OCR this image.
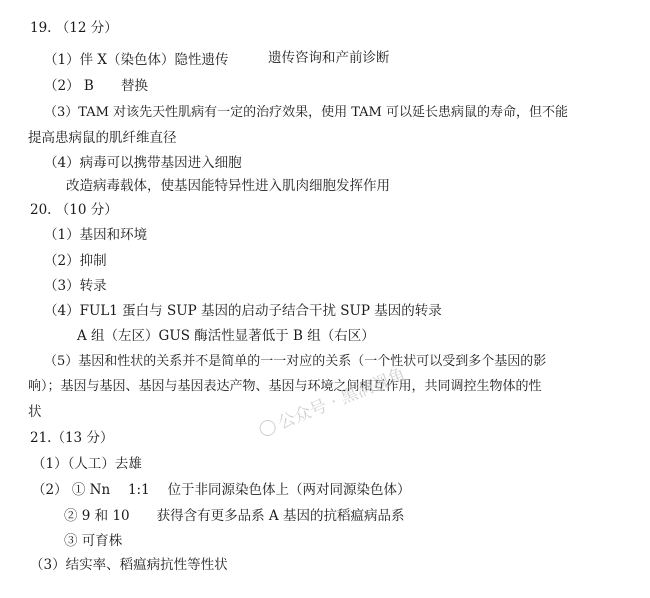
19. （12 分）
（1）伴 X（染色体）隐性遗传	遗传咨询和产前诊断
（2） B 替换
（3）TAM 对该先天性肌病有一定的治疗效果，使用 TAM 可以延长患病鼠的寿命，但不能
提高患病鼠的肌纤维直径
（4）病毒可以携带基因进入细胞
改造病毒载体，使基因能特异性进入肌肉细胞发挥作用
20. （10 分）
（1）基因和环境
（2）抑制
（3）转录
（4）FUL1 蛋白与 SUP 基因的启动子结合干扰 SUP 基因的转录
A 组（左区）GUS 酶活性显著低于 B 组（右区）
（5）基因和性状的关系并不是简单的一一对应的关系（一个性状可以受到多个基因的影
响）；基因与基因、基因与基因表达产物、基因与环境之间相互作用，共同调控生物体的性
状
21.（13 分）
（1）（人工）去雄
（2） ① Nn　 1:1　 位于非同源染色体上（两对同源染色体）
② 9 和 10　　获得含有更多品系 A 基因的抗稻瘟病品系
③ 可育株
（3）结实率、稻瘟病抗性等性状
公众号 · 黑洞视角
